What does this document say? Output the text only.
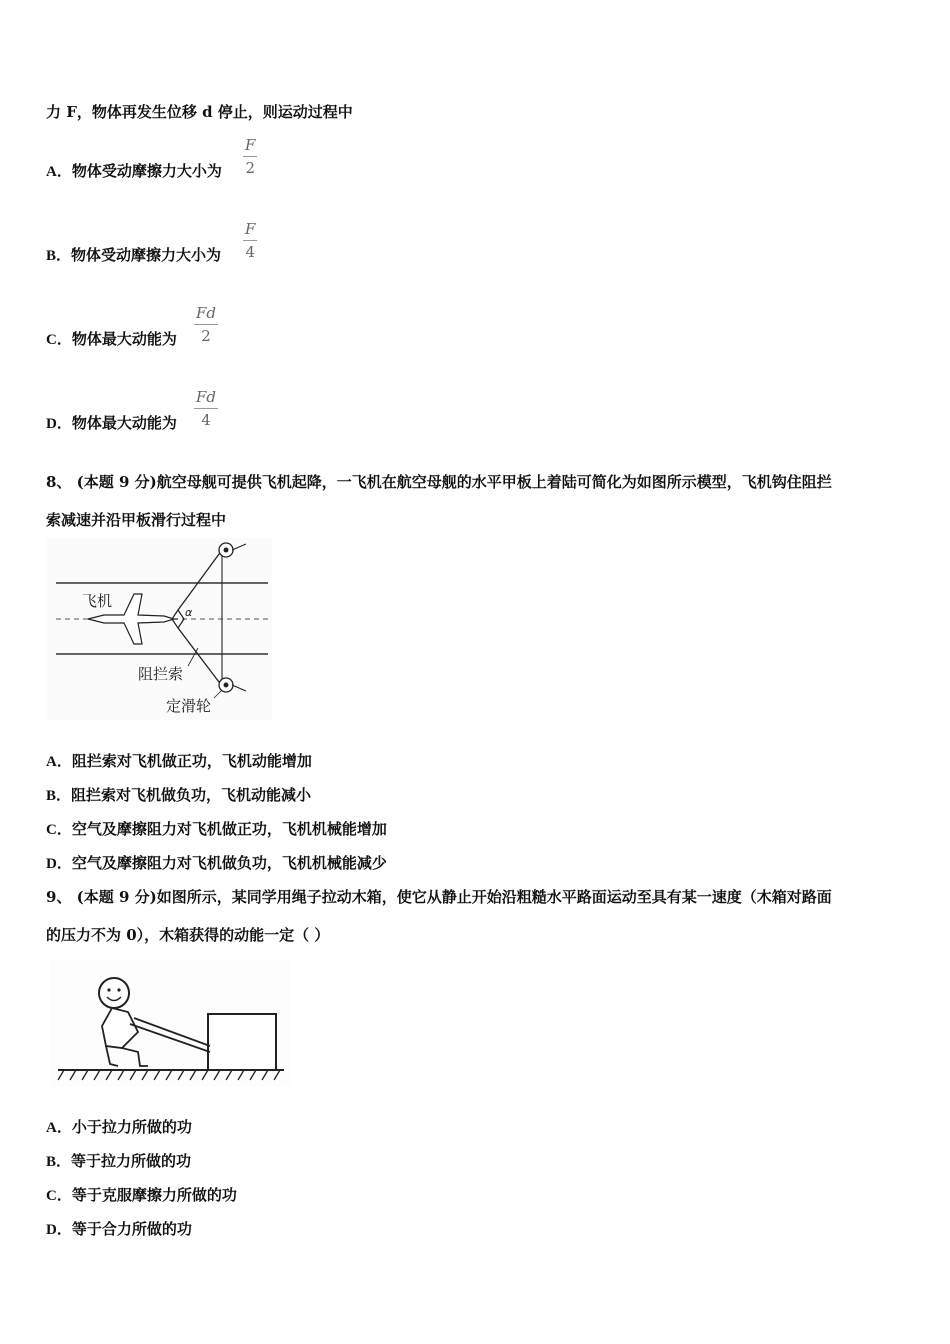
力 F，物体再发生位移 d 停止，则运动过程中
A．物体受动摩擦力大小为
F
2
B．物体受动摩擦力大小为
F
4
C．物体最大动能为
Fd
2
D．物体最大动能为
Fd
4
8、 (本题 9 分)航空母舰可提供飞机起降，一飞机在航空母舰的水平甲板上着陆可简化为如图所示模型，飞机钩住阻拦
索减速并沿甲板滑行过程中
飞机
α
阻拦索
定滑轮
A．阻拦索对飞机做正功，飞机动能增加
B．阻拦索对飞机做负功，飞机动能减小
C．空气及摩擦阻力对飞机做正功，飞机机械能增加
D．空气及摩擦阻力对飞机做负功，飞机机械能减少
9、 (本题 9 分)如图所示，某同学用绳子拉动木箱，使它从静止开始沿粗糙水平路面运动至具有某一速度（木箱对路面
的压力不为 0），木箱获得的动能一定（ ）
A．小于拉力所做的功
B．等于拉力所做的功
C．等于克服摩擦力所做的功
D．等于合力所做的功
